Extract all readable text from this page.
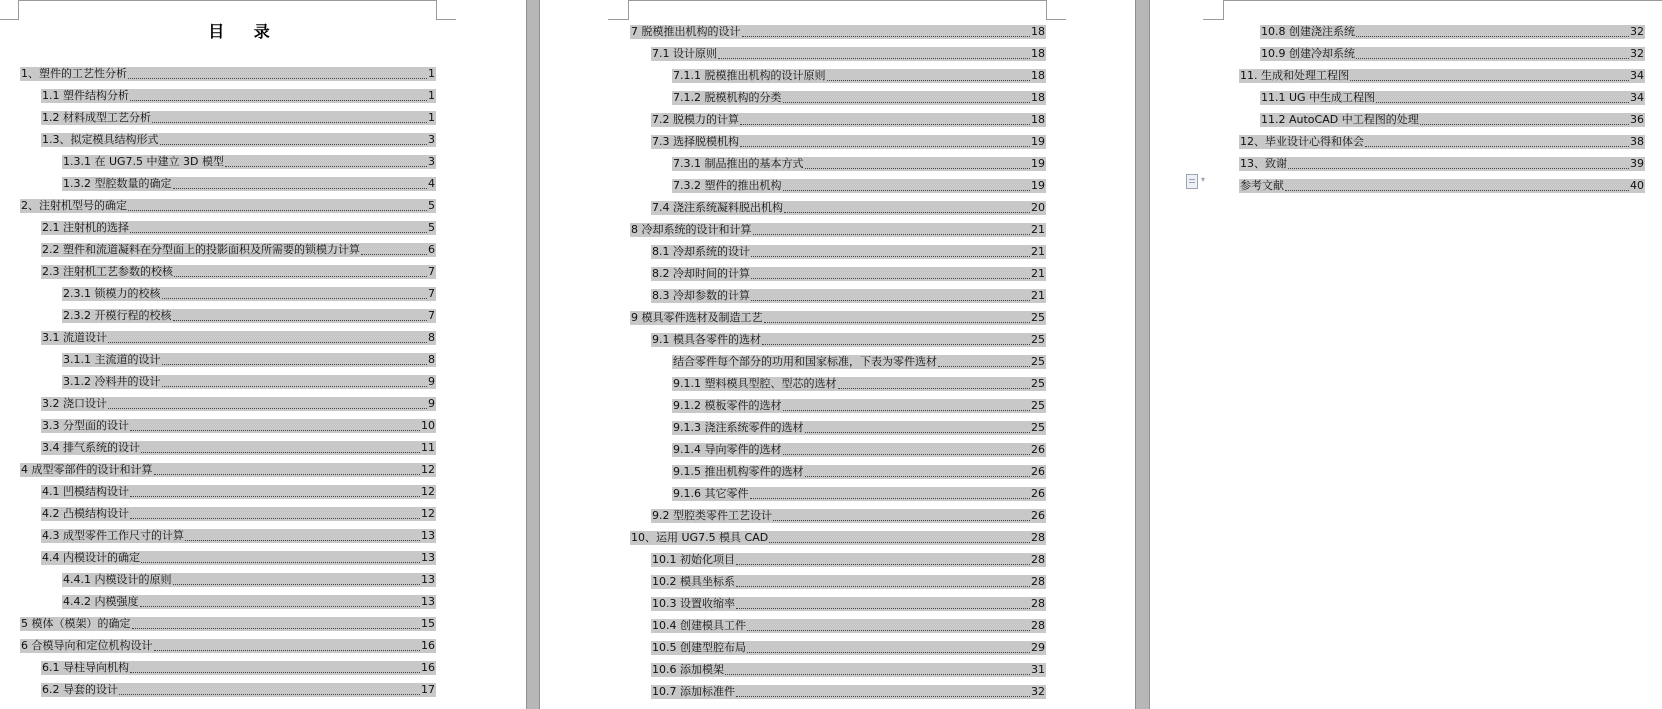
目 录
1、塑件的工艺性分析	1
1.1 塑件结构分析	1
1.2 材料成型工艺分析	1
1.3、拟定模具结构形式	3
1.3.1 在 UG7.5 中建立 3D 模型	3
1.3.2 型腔数量的确定	4
2、注射机型号的确定	5
2.1 注射机的选择	5
2.2 塑件和流道凝料在分型面上的投影面积及所需要的锁模力计算	6
2.3 注射机工艺参数的校核	7
2.3.1 锁模力的校核	7
2.3.2 开模行程的校核	7
3.1 流道设计	8
3.1.1 主流道的设计	8
3.1.2 冷料井的设计	9
3.2 浇口设计	9
3.3 分型面的设计	10
3.4 排气系统的设计	11
4 成型零部件的设计和计算	12
4.1 凹模结构设计	12
4.2 凸模结构设计	12
4.3 成型零件工作尺寸的计算	13
4.4 内模设计的确定	13
4.4.1 内模设计的原则	13
4.4.2 内模强度	13
5 模体（模架）的确定	15
6 合模导向和定位机构设计	16
6.1 导柱导向机构	16
6.2 导套的设计	17
7 脱模推出机构的设计	18
7.1 设计原则	18
7.1.1 脱模推出机构的设计原则	18
7.1.2 脱模机构的分类	18
7.2 脱模力的计算	18
7.3 选择脱模机构	19
7.3.1 制品推出的基本方式	19
7.3.2 塑件的推出机构	19
7.4 浇注系统凝料脱出机构	20
8 冷却系统的设计和计算	21
8.1 冷却系统的设计	21
8.2 冷却时间的计算	21
8.3 冷却参数的计算	21
9 模具零件选材及制造工艺	25
9.1 模具各零件的选材	25
结合零件每个部分的功用和国家标准，下表为零件选材	25
9.1.1 塑料模具型腔、型芯的选材	25
9.1.2 模板零件的选材	25
9.1.3 浇注系统零件的选材	25
9.1.4 导向零件的选材	26
9.1.5 推出机构零件的选材	26
9.1.6 其它零件	26
9.2 型腔类零件工艺设计	26
10、运用 UG7.5 模具 CAD	28
10.1 初始化项目	28
10.2 模具坐标系	28
10.3 设置收缩率	28
10.4 创建模具工件	28
10.5 创建型腔布局	29
10.6 添加模架	31
10.7 添加标准件	32
10.8 创建浇注系统	32
10.9 创建冷却系统	32
11. 生成和处理工程图	34
11.1 UG 中生成工程图	34
11.2 AutoCAD 中工程图的处理	36
12、毕业设计心得和体会	38
13、致谢	39
参考文献	40
▾
